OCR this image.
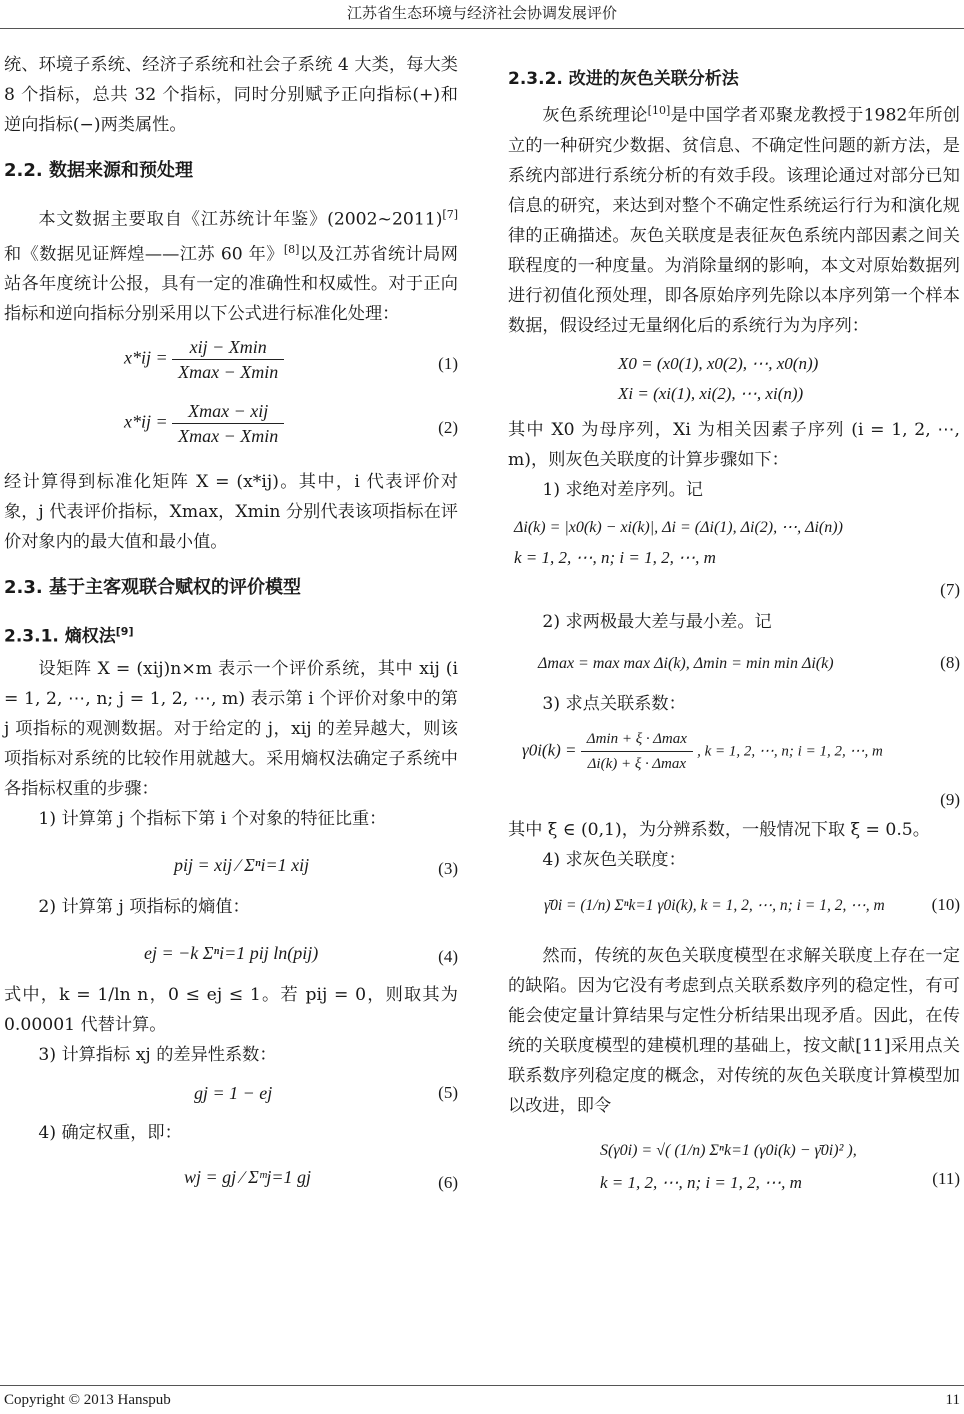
江苏省生态环境与经济社会协调发展评价

统、环境子系统、经济子系统和社会子系统 4 大类，每大类 8 个指标，总共 32 个指标，同时分别赋予正向指标(+)和逆向指标(−)两类属性。

2.2. 数据来源和预处理

本文数据主要取自《江苏统计年鉴》(2002~2011)[7]和《数据见证辉煌——江苏 60 年》[8]以及江苏省统计局网站各年度统计公报，具有一定的准确性和权威性。对于正向指标和逆向指标分别采用以下公式进行标准化处理：

$x*ij = \frac{\text{xij − Xmin}}{Xmax - Xmin}$	(1)
$x*ij = \frac{\text{Xmax − xij}}{Xmax - Xmin}$	(2)

经计算得到标准化矩阵 X = (x*ij)。其中，i 代表评价对象，j 代表评价指标，Xmax，Xmin 分别代表该项指标在评价对象内的最大值和最小值。

2.3. 基于主客观联合赋权的评价模型
2.3.1. 熵权法[9]

设矩阵 X = (xij)n×m 表示一个评价系统，其中 xij (i = 1, 2, ⋯, n; j = 1, 2, ⋯, m) 表示第 i 个评价对象中的第 j 项指标的观测数据。对于给定的 j，xij 的差异越大，则该项指标对系统的比较作用就越大。采用熵权法确定子系统中各指标权重的步骤：

1) 计算第 j 个指标下第 i 个对象的特征比重：

pij = xij ∕ Σⁿi=1 xij	(3)

2) 计算第 j 项指标的熵值：

ej = −k Σⁿi=1 pij ln(pij)	(4)

式中，k = 1/ln n，0 ≤ ej ≤ 1。若 pij = 0，则取其为 0.00001 代替计算。

3) 计算指标 xj 的差异性系数：

gj = 1 − ej	(5)

4) 确定权重，即：

wj = gj ∕ Σᵐj=1 gj	(6)
2.3.2. 改进的灰色关联分析法

灰色系统理论[10]是中国学者邓聚龙教授于1982年所创立的一种研究少数据、贫信息、不确定性问题的新方法，是系统内部进行系统分析的有效手段。该理论通过对部分已知信息的研究，来达到对整个不确定性系统运行行为和演化规律的正确描述。灰色关联度是表征灰色系统内部因素之间关联程度的一种度量。为消除量纲的影响，本文对原始数据列进行初值化预处理，即各原始序列先除以本序列第一个样本数据，假设经过无量纲化后的系统行为为序列：

X0 = (x0(1), x0(2), ⋯, x0(n))
Xi = (xi(1), xi(2), ⋯, xi(n))

其中 X0 为母序列，Xi 为相关因素子序列 (i = 1, 2, ⋯, m)，则灰色关联度的计算步骤如下：

1) 求绝对差序列。记

Δi(k) = |x0(k) − xi(k)|, Δi = (Δi(1), Δi(2), ⋯, Δi(n))
k = 1, 2, ⋯, n; i = 1, 2, ⋯, m
(7)

2) 求两极最大差与最小差。记

Δmax = max max Δi(k), Δmin = min min Δi(k)	(8)

3) 求点关联系数：

$\gamma 0i(k) = \frac{\Delta\min + \xi \cdot \Delta\max}{\Delta i(k) + \xi \cdot \Delta\max}$ , k = 1, 2, ⋯, n; i = 1, 2, ⋯, m
(9)

其中 ξ ∈ (0,1)，为分辨系数，一般情况下取 ξ = 0.5。

4) 求灰色关联度：

γ̄0i = (1/n) Σⁿk=1 γ0i(k), k = 1, 2, ⋯, n; i = 1, 2, ⋯, m	(10)

然而，传统的灰色关联度模型在求解关联度上存在一定的缺陷。因为它没有考虑到点关联系数序列的稳定性，有可能会使定量计算结果与定性分析结果出现矛盾。因此，在传统的关联度模型的建模机理的基础上，按文献[11]采用点关联系数序列稳定度的概念，对传统的灰色关联度计算模型加以改进，即令

S(γ0i) = √( (1/n) Σⁿk=1 (γ0i(k) − γ̄0i)² ),
k = 1, 2, ⋯, n; i = 1, 2, ⋯, m	(11)
Copyright © 2013 Hanspub	11
